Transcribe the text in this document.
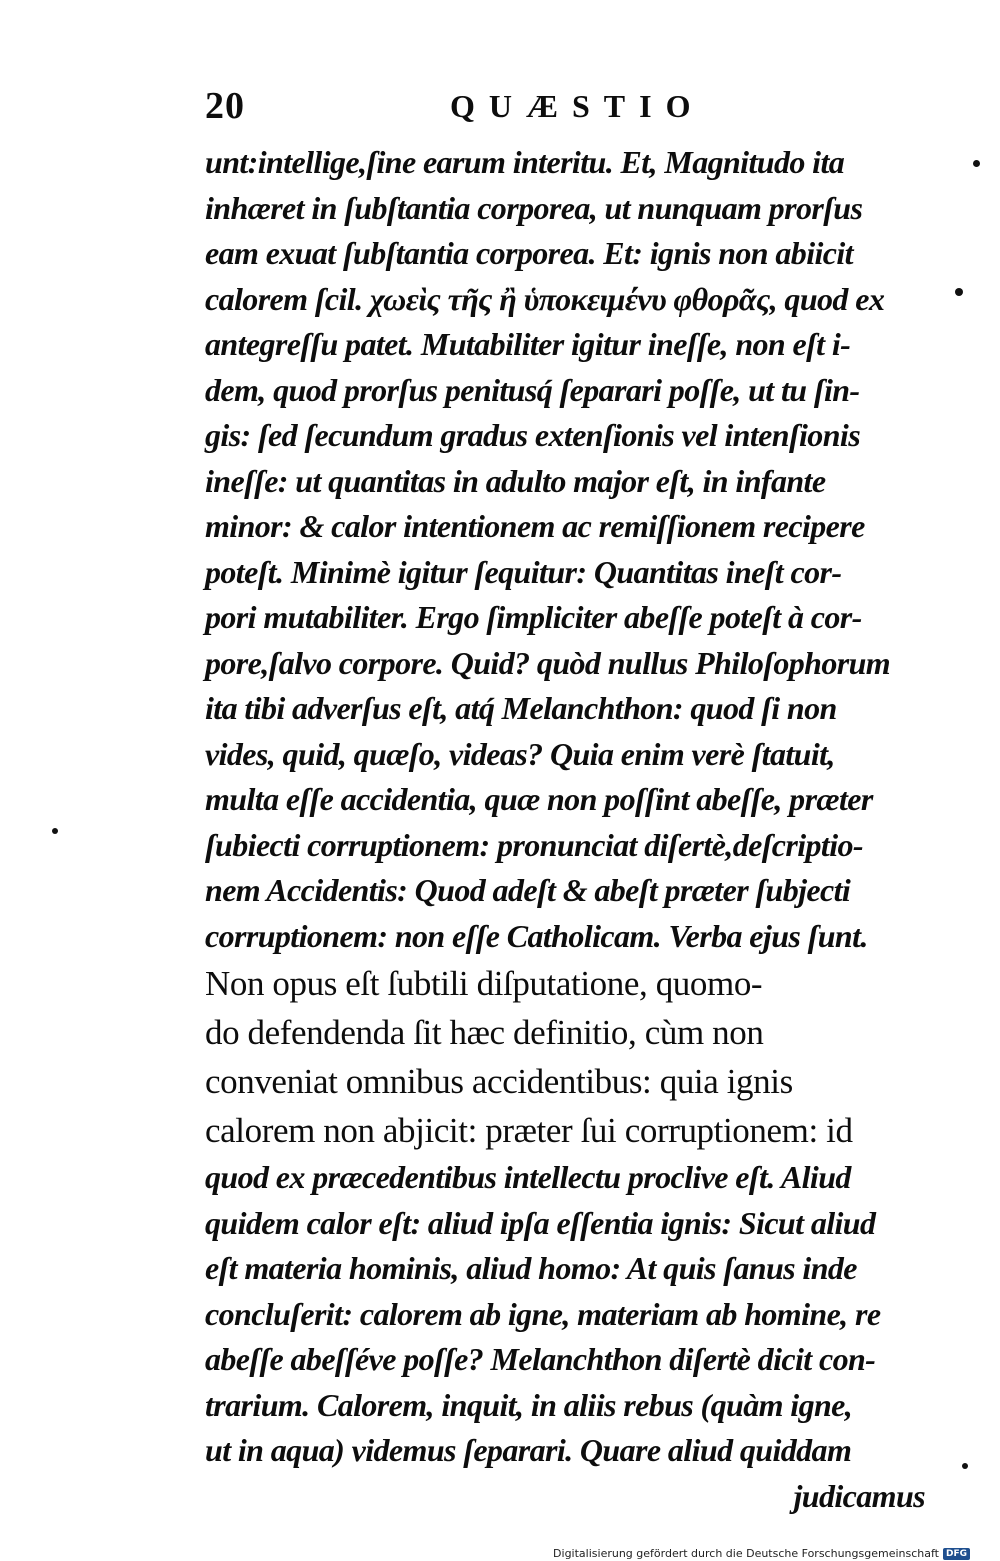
20	QUÆSTIO
unt:intellige,ſine earum interitu. Et, Magnitudo ita
inhæret in ſubſtantia corporea, ut nunquam prorſus
eam exuat ſubſtantia corporea. Et: ignis non abiicit
calorem ſcil. χωεὶς τῆς ἢ ὑποκειμένυ φθορᾶς, quod ex
antegreſſu patet. Mutabiliter igitur ineſſe, non eſt i-
dem, quod prorſus penitusq́ ſeparari poſſe, ut tu ſin-
gis: ſed ſecundum gradus extenſionis vel intenſionis
ineſſe: ut quantitas in adulto major eſt, in infante
minor: & calor intentionem ac remiſſionem recipere
poteſt. Minimè igitur ſequitur: Quantitas ineſt cor-
pori mutabiliter. Ergo ſimpliciter abeſſe poteſt à cor-
pore,ſalvo corpore. Quid? quòd nullus Philoſophorum
ita tibi adverſus eſt, atq́ Melanchthon: quod ſi non
vides, quid, quæſo, videas? Quia enim verè ſtatuit,
multa eſſe accidentia, quæ non poſſint abeſſe, præter
ſubiecti corruptionem: pronunciat diſertè,deſcriptio-
nem Accidentis: Quod adeſt & abeſt præter ſubjecti
corruptionem: non eſſe Catholicam. Verba ejus ſunt.
Non opus eſt ſubtili diſputatione, quomo-
do defendenda ſit hæc definitio, cùm non
conveniat omnibus accidentibus: quia ignis
calorem non abjicit: præter ſui corruptionem: id
quod ex præcedentibus intellectu proclive eſt. Aliud
quidem calor eſt: aliud ipſa eſſentia ignis: Sicut aliud
eſt materia hominis, aliud homo: At quis ſanus inde
concluſerit: calorem ab igne, materiam ab homine, re
abeſſe abeſſéve poſſe? Melanchthon diſertè dicit con-
trarium. Calorem, inquit, in aliis rebus (quàm igne,
ut in aqua) videmus ſeparari. Quare aliud quiddam
judicamus
Digitalisierung gefördert durch die Deutsche Forschungsgemeinschaft DFG
